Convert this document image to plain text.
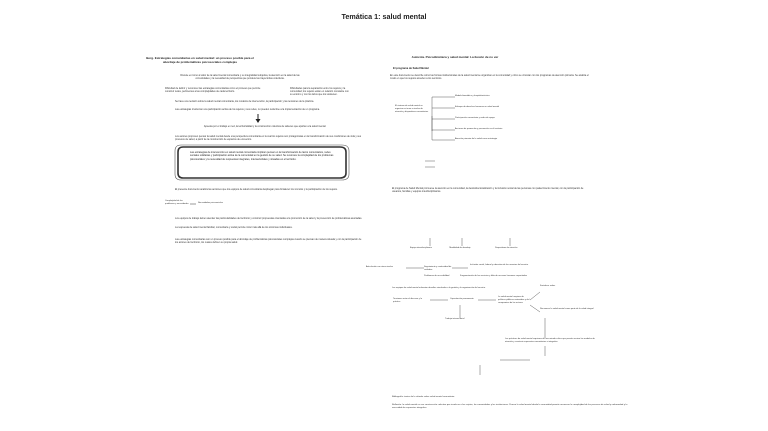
Temática 1: salud mental
Berg. Estrategias comunitarias en salud mental: un proceso posible para el abordaje de problemáticas psicosociales complejas
Discute en torno al valor de la salud mental comunitaria y su integralidad subjetiva, la atención en la salud de las comunidades y la necesidad de perspectiva que pondere las trayectorias colectivas.
Dificultad de definir y reconocer las estrategias comunitarias como el proceso que permite construir redes, pertinentes a las complejidades de cada territorio.
Dificultades para la separación entre los sujetos y la comunidad; los sujetos están en relación constante con su entorno y con los lazos que los sostienen.
Se hace una revisión sobre la salud mental comunitaria, los modelos de intervención, la participación y las tensiones de la práctica.
Las estrategias involucran una participación activa de los sujetos y sus redes, no pueden reducirse a la implementación de un programa.
Apuesta por el trabajo en red, la territorialidad y la construcción colectiva de saberes que aportan a la salud mental.
Los autores proponen pensar la salud mental desde una perspectiva comunitaria en la cual los sujetos son protagonistas en la transformación de sus condiciones de vida y sus procesos de salud, a partir de la construcción de espacios de encuentro.
Las estrategias de intervención en salud mental comunitaria implican pensar en la transformación de lazos comunitarios, redes sociales solidarias y participación activa de la comunidad en la gestión de su salud. Se reconoce la complejidad de los problemas psicosociales y la necesidad de respuestas integrales, intersectoriales y situadas en el territorio.
El presente documento analiza las acciones que los equipos de salud comunitaria despliegan para fortalecer los vínculos y la participación de los sujetos.
Complejidad de los problemas y necesidades	Necesidades psicosociales
Los equipos de trabajo deben atender las particularidades del territorio y construir propuestas orientadas a la promoción de la salud y la prevención de problemáticas asociadas.
La respuesta de salud mental familiar, comunitaria y social permite mirar más allá de los síntomas individuales.
Las estrategias comunitarias son un proceso posible para el abordaje de problemáticas psicosociales complejas cuando se piensan de manera situada y con la participación de los actores del territorio, los cuales definen su propia salud.
Autorola. Psicodinámica y salud mental: La ilusión de no ver
El programa de Salud Mental
En este documento se describe cómo las formas institucionales de la salud mental se organizan en la comunidad y cómo se vinculan con los programas de atención primaria. Se analiza el modo en que los sujetos acceden a los servicios.
Modelo biomédico y hospitalocéntrico
El sistema de salud mental se organiza en torno a niveles de atención y dispositivos comunitarios
Enfoque de derechos humanos en salud mental
Participación comunitaria y redes de apoyo
Acciones de promoción y prevención en el territorio
Atención primaria de la salud como estrategia
El programa de Salud Mental promueve la atención en la comunidad, la desinstitucionalización y la inclusión social de las personas con padecimiento mental, con la participación de usuarios, familias y equipos interdisciplinarios.
Modalidad de abordaje
Equipo interdisciplinario	Dispositivos de atención
Articulación con otros niveles	Seguimiento y continuidad de cuidados
Inclusión social, laboral y educativa de los usuarios del servicio
Problemas de accesibilidad	Fragmentación de los servicios y falta de recursos humanos capacitados
Los equipos de salud mental enfrentan desafíos vinculados a la gestión y la organización del servicio.
Tensiones entre el discurso y la práctica
Capacitación permanente
La salud mental requiere de políticas públicas sostenidas y del compromiso de los actores
Fortalecer redes
Reconocer la salud mental como parte de la salud integral
Las prácticas de salud mental requieren de una mirada crítica que permita revisar los modelos de atención y construir respuestas comunitarias e integrales.
Trabajo intersectorial
Bibliografía: textos de la cátedra sobre salud mental comunitaria.
Reflexión: la salud mental es una construcción colectiva que involucra a los sujetos, las comunidades y las instituciones. Pensar la salud mental desde la comunidad permite reconocer la complejidad de los procesos de salud y enfermedad y la necesidad de respuestas integrales.
